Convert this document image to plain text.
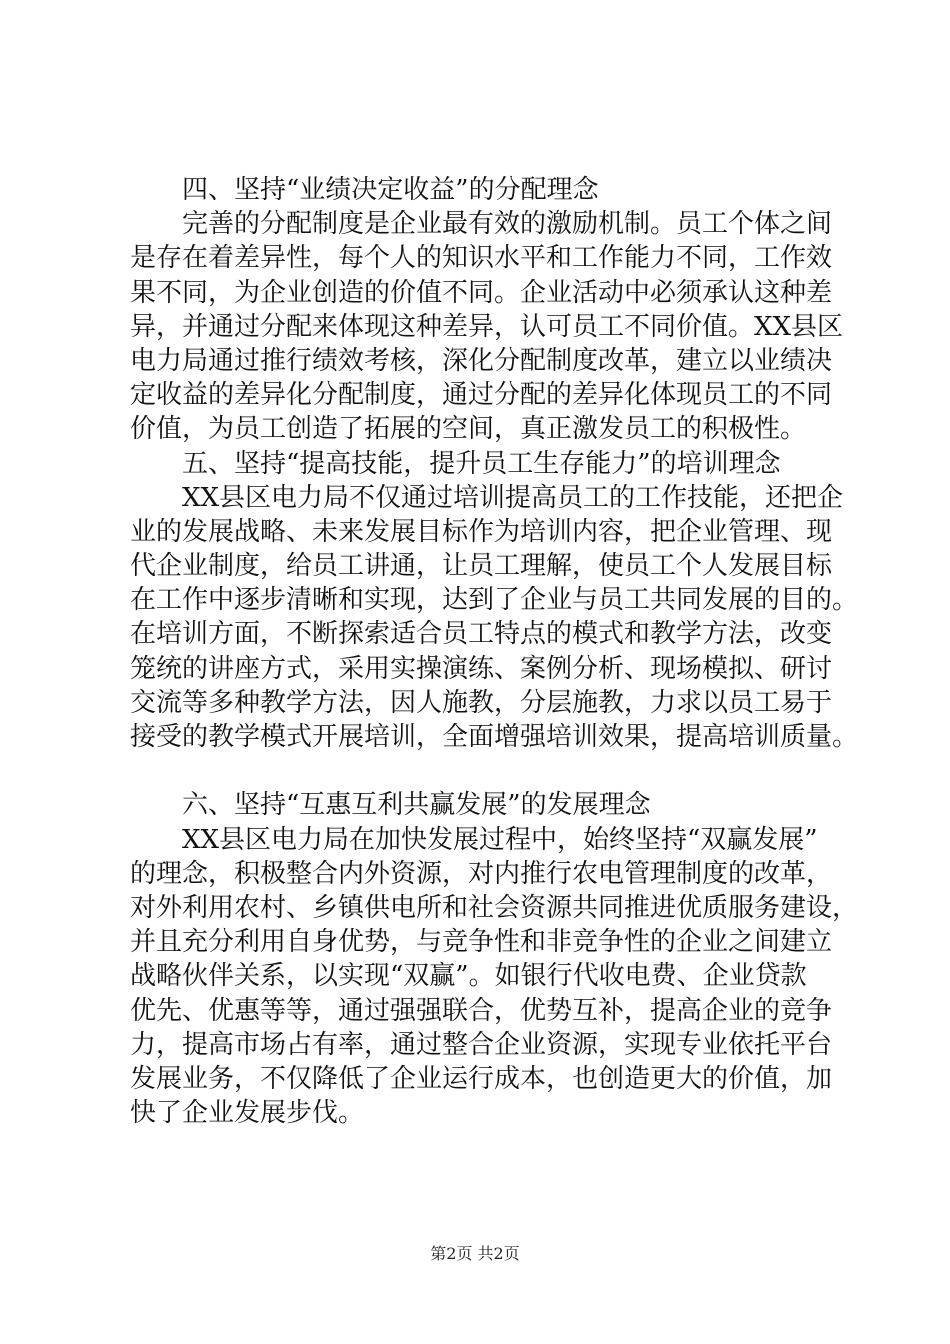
四、坚持“业绩决定收益”的分配理念
完善的分配制度是企业最有效的激励机制。员工个体之间
是存在着差异性，每个人的知识水平和工作能力不同，工作效
果不同，为企业创造的价值不同。企业活动中必须承认这种差
异，并通过分配来体现这种差异，认可员工不同价值。XX县区
电力局通过推行绩效考核，深化分配制度改革，建立以业绩决
定收益的差异化分配制度，通过分配的差异化体现员工的不同
价值，为员工创造了拓展的空间，真正激发员工的积极性。
五、坚持“提高技能，提升员工生存能力”的培训理念
XX县区电力局不仅通过培训提高员工的工作技能，还把企
业的发展战略、未来发展目标作为培训内容，把企业管理、现
代企业制度，给员工讲通，让员工理解，使员工个人发展目标
在工作中逐步清晰和实现，达到了企业与员工共同发展的目的。
在培训方面，不断探索适合员工特点的模式和教学方法，改变
笼统的讲座方式，采用实操演练、案例分析、现场模拟、研讨
交流等多种教学方法，因人施教，分层施教，力求以员工易于
接受的教学模式开展培训，全面增强培训效果，提高培训质量。
六、坚持“互惠互利共赢发展”的发展理念
XX县区电力局在加快发展过程中，始终坚持“双赢发展”
的理念，积极整合内外资源，对内推行农电管理制度的改革，
对外利用农村、乡镇供电所和社会资源共同推进优质服务建设，
并且充分利用自身优势，与竞争性和非竞争性的企业之间建立
战略伙伴关系，以实现“双赢”。如银行代收电费、企业贷款
优先、优惠等等，通过强强联合，优势互补，提高企业的竞争
力，提高市场占有率，通过整合企业资源，实现专业依托平台
发展业务，不仅降低了企业运行成本，也创造更大的价值，加
快了企业发展步伐。
第2页 共2页
